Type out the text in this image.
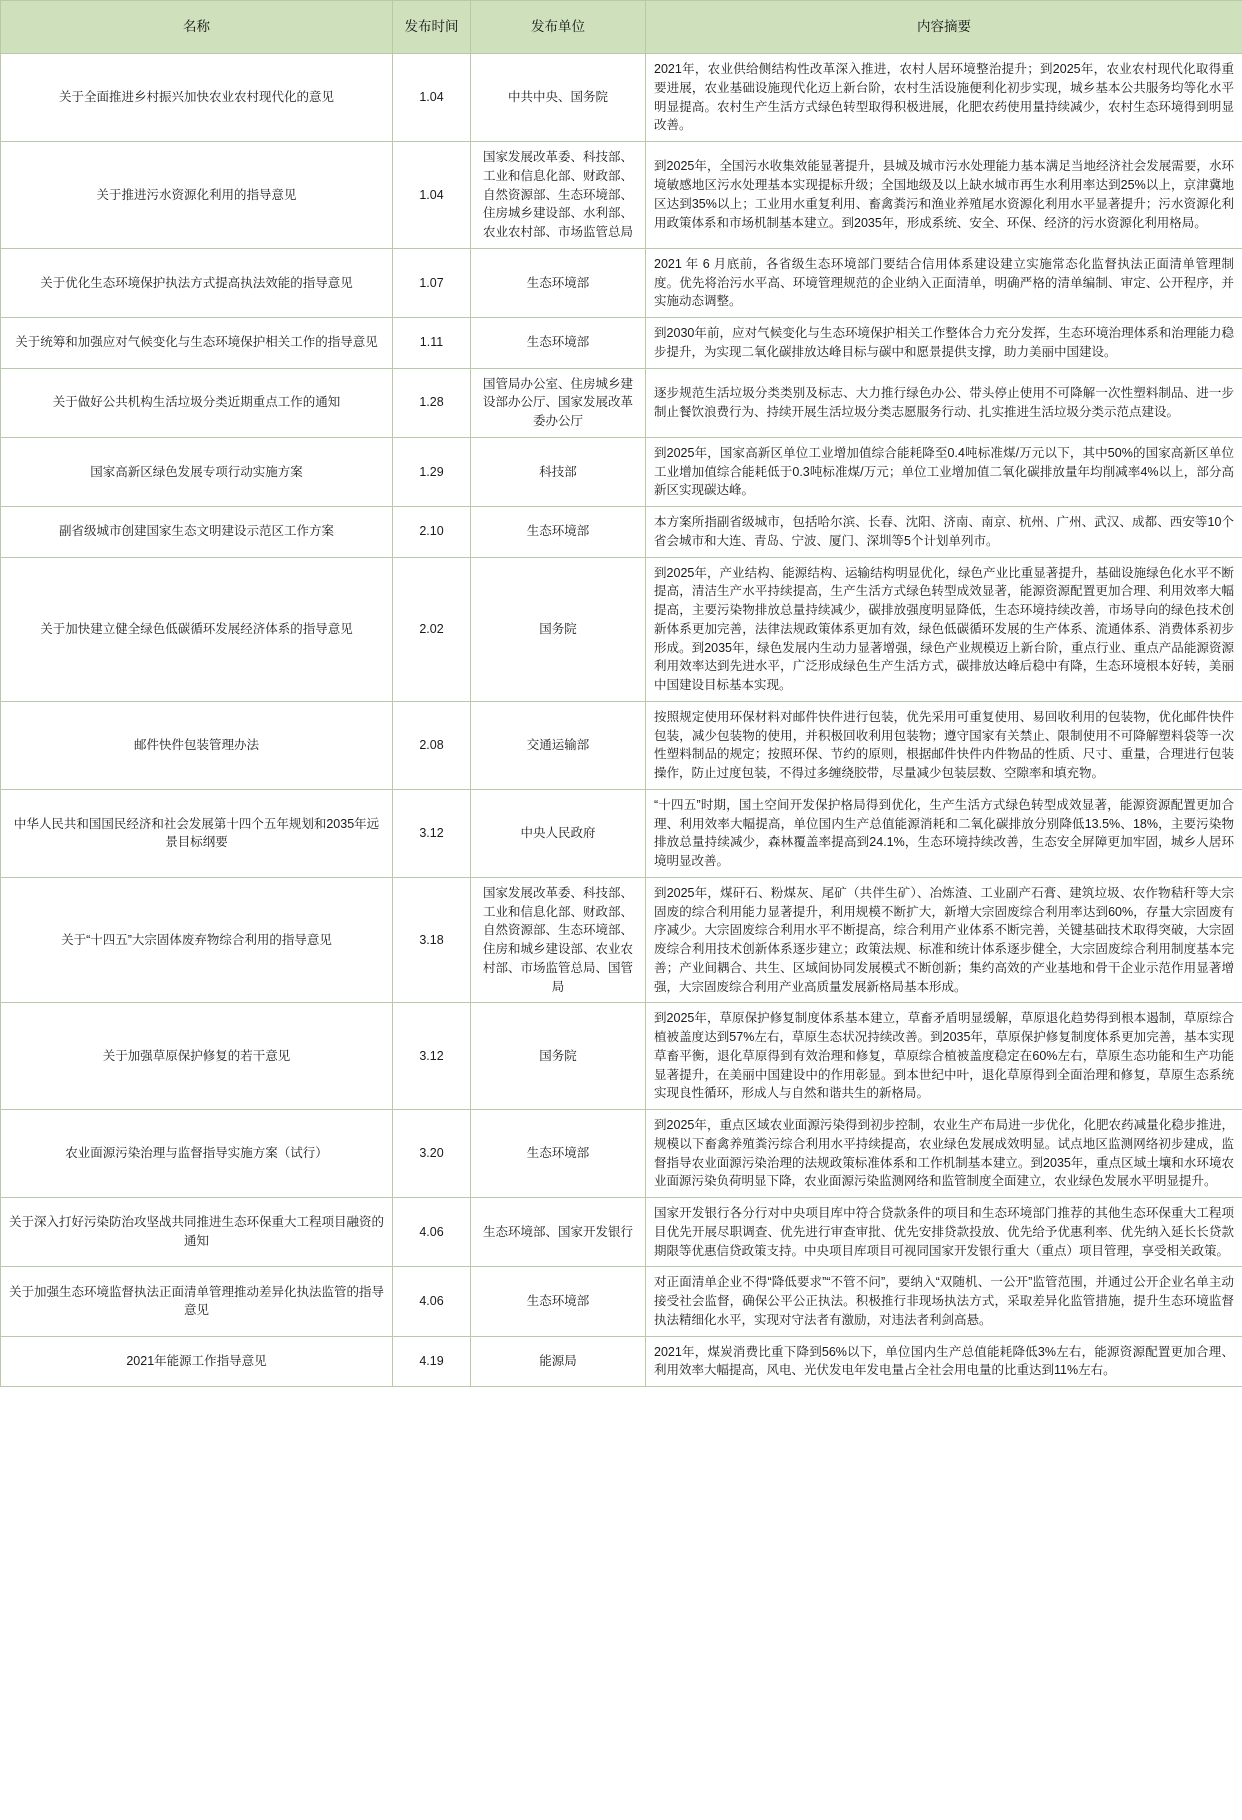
名称	发布时间	发布单位	内容摘要
关于全面推进乡村振兴加快农业农村现代化的意见	1.04	中共中央、国务院	2021年，农业供给侧结构性改革深入推进，农村人居环境整治提升；到2025年，农业农村现代化取得重要进展，农业基础设施现代化迈上新台阶，农村生活设施便利化初步实现，城乡基本公共服务均等化水平明显提高。农村生产生活方式绿色转型取得积极进展，化肥农药使用量持续减少，农村生态环境得到明显改善。
关于推进污水资源化利用的指导意见	1.04	国家发展改革委、科技部、工业和信息化部、财政部、自然资源部、生态环境部、住房城乡建设部、水利部、农业农村部、市场监管总局	到2025年，全国污水收集效能显著提升，县城及城市污水处理能力基本满足当地经济社会发展需要，水环境敏感地区污水处理基本实现提标升级；全国地级及以上缺水城市再生水利用率达到25%以上，京津冀地区达到35%以上；工业用水重复利用、畜禽粪污和渔业养殖尾水资源化利用水平显著提升；污水资源化利用政策体系和市场机制基本建立。到2035年，形成系统、安全、环保、经济的污水资源化利用格局。
关于优化生态环境保护执法方式提高执法效能的指导意见	1.07	生态环境部	2021 年 6 月底前，各省级生态环境部门要结合信用体系建设建立实施常态化监督执法正面清单管理制度。优先将治污水平高、环境管理规范的企业纳入正面清单，明确严格的清单编制、审定、公开程序，并实施动态调整。
关于统筹和加强应对气候变化与生态环境保护相关工作的指导意见	1.11	生态环境部	到2030年前，应对气候变化与生态环境保护相关工作整体合力充分发挥，生态环境治理体系和治理能力稳步提升，为实现二氧化碳排放达峰目标与碳中和愿景提供支撑，助力美丽中国建设。
关于做好公共机构生活垃圾分类近期重点工作的通知	1.28	国管局办公室、住房城乡建设部办公厅、国家发展改革委办公厅	逐步规范生活垃圾分类类别及标志、大力推行绿色办公、带头停止使用不可降解一次性塑料制品、进一步制止餐饮浪费行为、持续开展生活垃圾分类志愿服务行动、扎实推进生活垃圾分类示范点建设。
国家高新区绿色发展专项行动实施方案	1.29	科技部	到2025年，国家高新区单位工业增加值综合能耗降至0.4吨标准煤/万元以下，其中50%的国家高新区单位工业增加值综合能耗低于0.3吨标准煤/万元；单位工业增加值二氧化碳排放量年均削减率4%以上，部分高新区实现碳达峰。
副省级城市创建国家生态文明建设示范区工作方案	2.10	生态环境部	本方案所指副省级城市，包括哈尔滨、长春、沈阳、济南、南京、杭州、广州、武汉、成都、西安等10个省会城市和大连、青岛、宁波、厦门、深圳等5个计划单列市。
关于加快建立健全绿色低碳循环发展经济体系的指导意见	2.02	国务院	到2025年，产业结构、能源结构、运输结构明显优化，绿色产业比重显著提升，基础设施绿色化水平不断提高，清洁生产水平持续提高，生产生活方式绿色转型成效显著，能源资源配置更加合理、利用效率大幅提高，主要污染物排放总量持续减少，碳排放强度明显降低，生态环境持续改善，市场导向的绿色技术创新体系更加完善，法律法规政策体系更加有效，绿色低碳循环发展的生产体系、流通体系、消费体系初步形成。到2035年，绿色发展内生动力显著增强，绿色产业规模迈上新台阶，重点行业、重点产品能源资源利用效率达到先进水平，广泛形成绿色生产生活方式，碳排放达峰后稳中有降，生态环境根本好转，美丽中国建设目标基本实现。
邮件快件包装管理办法	2.08	交通运输部	按照规定使用环保材料对邮件快件进行包装，优先采用可重复使用、易回收利用的包装物，优化邮件快件包装，减少包装物的使用，并积极回收利用包装物；遵守国家有关禁止、限制使用不可降解塑料袋等一次性塑料制品的规定；按照环保、节约的原则，根据邮件快件内件物品的性质、尺寸、重量，合理进行包装操作，防止过度包装，不得过多缠绕胶带，尽量减少包装层数、空隙率和填充物。
中华人民共和国国民经济和社会发展第十四个五年规划和2035年远景目标纲要	3.12	中央人民政府	“十四五”时期，国土空间开发保护格局得到优化，生产生活方式绿色转型成效显著，能源资源配置更加合理、利用效率大幅提高，单位国内生产总值能源消耗和二氧化碳排放分别降低13.5%、18%，主要污染物排放总量持续减少，森林覆盖率提高到24.1%，生态环境持续改善，生态安全屏障更加牢固，城乡人居环境明显改善。
关于“十四五”大宗固体废弃物综合利用的指导意见	3.18	国家发展改革委、科技部、工业和信息化部、财政部、自然资源部、生态环境部、住房和城乡建设部、农业农村部、市场监管总局、国管局	到2025年，煤矸石、粉煤灰、尾矿（共伴生矿）、冶炼渣、工业副产石膏、建筑垃圾、农作物秸秆等大宗固废的综合利用能力显著提升，利用规模不断扩大，新增大宗固废综合利用率达到60%，存量大宗固废有序减少。大宗固废综合利用水平不断提高，综合利用产业体系不断完善，关键基础技术取得突破，大宗固废综合利用技术创新体系逐步建立；政策法规、标准和统计体系逐步健全，大宗固废综合利用制度基本完善；产业间耦合、共生、区域间协同发展模式不断创新；集约高效的产业基地和骨干企业示范作用显著增强，大宗固废综合利用产业高质量发展新格局基本形成。
关于加强草原保护修复的若干意见	3.12	国务院	到2025年，草原保护修复制度体系基本建立，草畜矛盾明显缓解，草原退化趋势得到根本遏制，草原综合植被盖度达到57%左右，草原生态状况持续改善。到2035年，草原保护修复制度体系更加完善，基本实现草畜平衡，退化草原得到有效治理和修复，草原综合植被盖度稳定在60%左右，草原生态功能和生产功能显著提升，在美丽中国建设中的作用彰显。到本世纪中叶，退化草原得到全面治理和修复，草原生态系统实现良性循环，形成人与自然和谐共生的新格局。
农业面源污染治理与监督指导实施方案（试行）	3.20	生态环境部	到2025年，重点区域农业面源污染得到初步控制，农业生产布局进一步优化，化肥农药减量化稳步推进，规模以下畜禽养殖粪污综合利用水平持续提高，农业绿色发展成效明显。试点地区监测网络初步建成，监督指导农业面源污染治理的法规政策标准体系和工作机制基本建立。到2035年，重点区域土壤和水环境农业面源污染负荷明显下降，农业面源污染监测网络和监管制度全面建立，农业绿色发展水平明显提升。
关于深入打好污染防治攻坚战共同推进生态环保重大工程项目融资的通知	4.06	生态环境部、国家开发银行	国家开发银行各分行对中央项目库中符合贷款条件的项目和生态环境部门推荐的其他生态环保重大工程项目优先开展尽职调查、优先进行审查审批、优先安排贷款投放、优先给予优惠利率、优先纳入延长长贷款期限等优惠信贷政策支持。中央项目库项目可视同国家开发银行重大（重点）项目管理，享受相关政策。
关于加强生态环境监督执法正面清单管理推动差异化执法监管的指导意见	4.06	生态环境部	对正面清单企业不得“降低要求”“不管不问”，要纳入“双随机、一公开”监管范围，并通过公开企业名单主动接受社会监督，确保公平公正执法。积极推行非现场执法方式，采取差异化监管措施，提升生态环境监督执法精细化水平，实现对守法者有激励，对违法者利剑高悬。
2021年能源工作指导意见	4.19	能源局	2021年，煤炭消费比重下降到56%以下，单位国内生产总值能耗降低3%左右，能源资源配置更加合理、利用效率大幅提高，风电、光伏发电年发电量占全社会用电量的比重达到11%左右。
